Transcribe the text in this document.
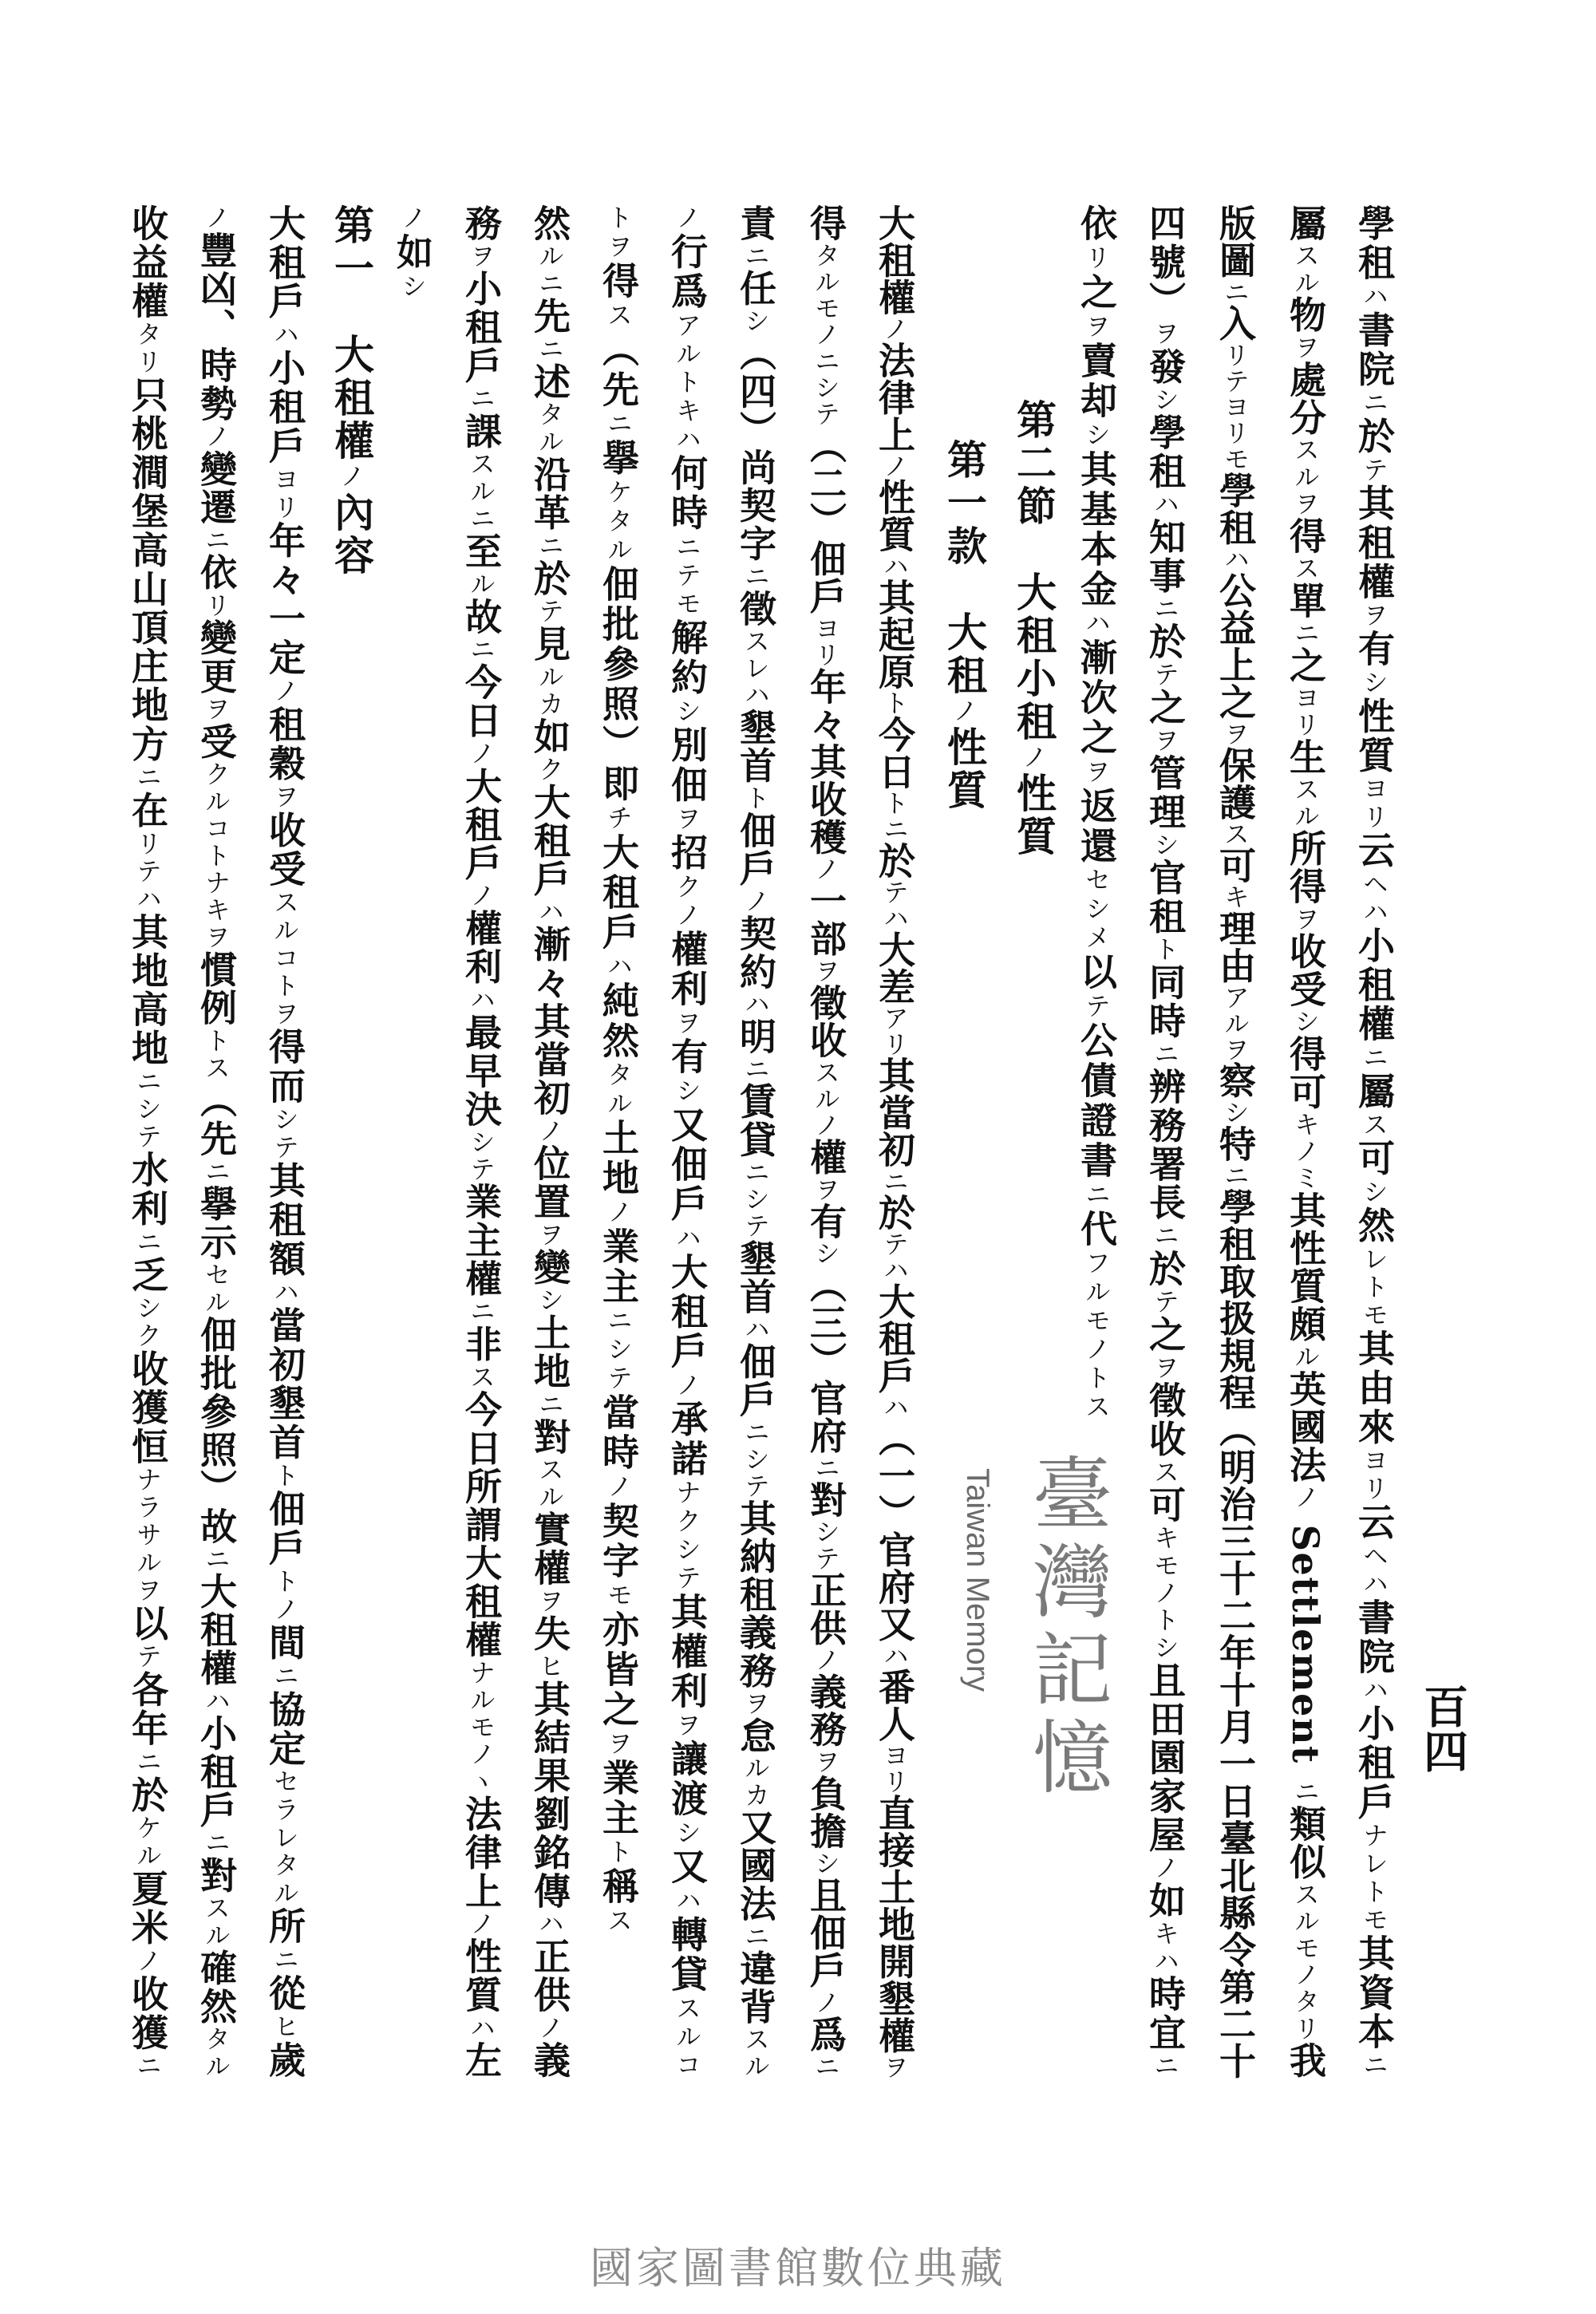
百四
學租ハ書院ニ於テ其租權ヲ有シ性質ヨリ云ヘハ小租權ニ屬ス可シ然レトモ其由來ヨリ云ヘハ書院ハ小租戶ナレトモ其資本ニ
屬スル物ヲ處分スルヲ得ス單ニ之ヨリ生スル所得ヲ收受シ得可キノミ其性質頗ル英國法ノ Settlement ニ類似スルモノタリ我
版圖ニ入リテヨリモ學租ハ公益上之ヲ保護ス可キ理由アルヲ察シ特ニ學租取扱規程（明治三十二年十月一日臺北縣令第二十
四號）ヲ發シ學租ハ知事ニ於テ之ヲ管理シ官租ト同時ニ辨務署長ニ於テ之ヲ徵收ス可キモノトシ且田園家屋ノ如キハ時宜ニ
依リ之ヲ賣却シ其基本金ハ漸次之ヲ返還セシメ以テ公債證書ニ代フルモノトス
第二節　大租小租ノ性質
第一款　大租ノ性質
大租權ノ法律上ノ性質ハ其起原ト今日トニ於テハ大差アリ其當初ニ於テハ大租戶ハ（一）官府又ハ番人ヨリ直接土地開墾權ヲ
得タルモノニシテ（二）佃戶ヨリ年々其收穫ノ一部ヲ徵收スルノ權ヲ有シ（三）官府ニ對シテ正供ノ義務ヲ負擔シ且佃戶ノ爲ニ
責ニ任シ（四）尚契字ニ徵スレハ墾首ト佃戶ノ契約ハ明ニ賃貸ニシテ墾首ハ佃戶ニシテ其納租義務ヲ怠ルカ又國法ニ違背スル
ノ行爲アルトキハ何時ニテモ解約シ別佃ヲ招クノ權利ヲ有シ又佃戶ハ大租戶ノ承諾ナクシテ其權利ヲ讓渡シ又ハ轉貸スルコ
トヲ得ス（先ニ擧ケタル佃批參照）即チ大租戶ハ純然タル土地ノ業主ニシテ當時ノ契字モ亦皆之ヲ業主ト稱ス
然ルニ先ニ述タル沿革ニ於テ見ルカ如ク大租戶ハ漸々其當初ノ位置ヲ變シ土地ニ對スル實權ヲ失ヒ其結果劉銘傳ハ正供ノ義
務ヲ小租戶ニ課スルニ至ル故ニ今日ノ大租戶ノ權利ハ最早決シテ業主權ニ非ス今日所謂大租權ナルモノヽ法律上ノ性質ハ左
ノ如シ
第一　大租權ノ內容
大租戶ハ小租戶ヨリ年々一定ノ租穀ヲ收受スルコトヲ得而シテ其租額ハ當初墾首ト佃戶トノ間ニ協定セラレタル所ニ從ヒ歲
ノ豐凶、時勢ノ變遷ニ依リ變更ヲ受クルコトナキヲ慣例トス（先ニ擧示セル佃批參照）故ニ大租權ハ小租戶ニ對スル確然タル
收益權タリ只桃澗堡高山頂庄地方ニ在リテハ其地高地ニシテ水利ニ乏シク收獲恒ナラサルヲ以テ各年ニ於ケル夏米ノ收獲ニ
臺灣記憶
Taiwan Memory
國家圖書館數位典藏
